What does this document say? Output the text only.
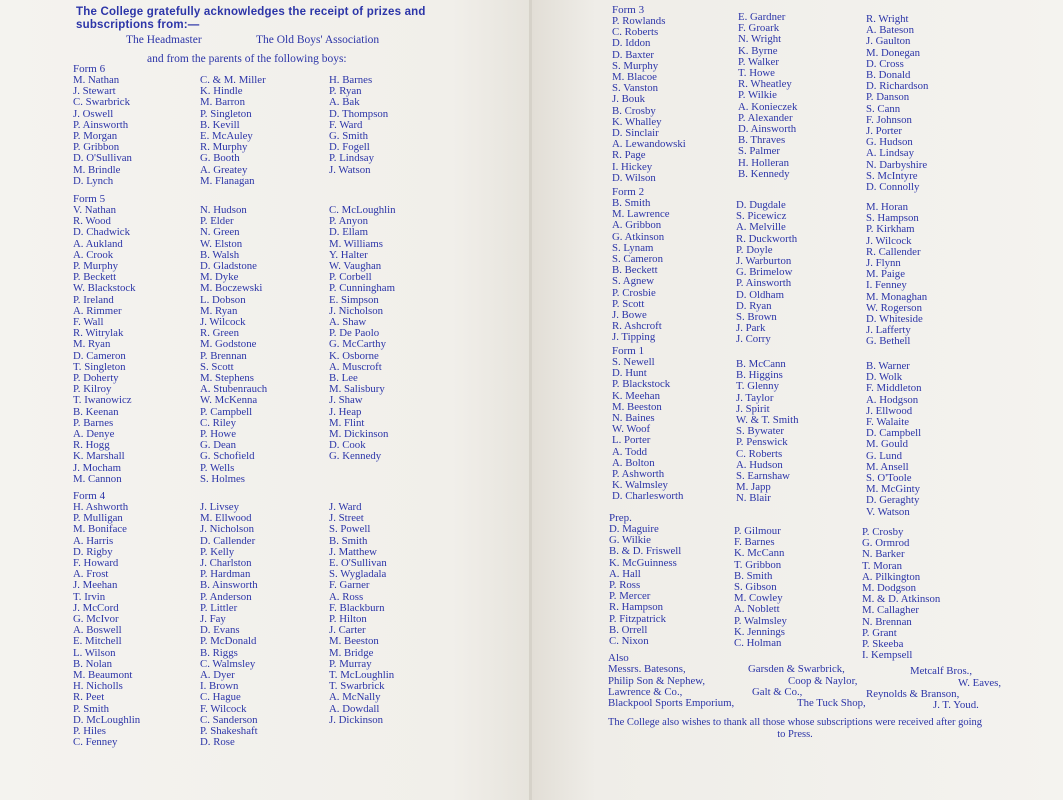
The College gratefully acknowledges the receipt of prizes and
subscriptions from:—
The Headmaster	The Old Boys' Association
and from the parents of the following boys:
Form 6
M. Nathan
J. Stewart
C. Swarbrick
J. Oswell
P. Ainsworth
P. Morgan
P. Gribbon
D. O'Sullivan
M. Brindle
D. Lynch
C. & M. Miller
K. Hindle
M. Barron
P. Singleton
B. Kevill
E. McAuley
R. Murphy
G. Booth
A. Greatey
M. Flanagan
H. Barnes
P. Ryan
A. Bak
D. Thompson
F. Ward
G. Smith
D. Fogell
P. Lindsay
J. Watson
Form 5
V. Nathan
R. Wood
D. Chadwick
A. Aukland
A. Crook
P. Murphy
P. Beckett
W. Blackstock
P. Ireland
A. Rimmer
F. Wall
R. Witrylak
M. Ryan
D. Cameron
T. Singleton
P. Doherty
P. Kilroy
T. Iwanowicz
B. Keenan
P. Barnes
A. Denye
R. Hogg
K. Marshall
J. Mocham
M. Cannon
N. Hudson
P. Elder
N. Green
W. Elston
B. Walsh
D. Gladstone
M. Dyke
M. Boczewski
L. Dobson
M. Ryan
J. Wilcock
R. Green
M. Godstone
P. Brennan
S. Scott
M. Stephens
A. Stubenrauch
W. McKenna
P. Campbell
C. Riley
P. Howe
G. Dean
G. Schofield
P. Wells
S. Holmes
C. McLoughlin
P. Anyon
D. Ellam
M. Williams
Y. Halter
W. Vaughan
P. Corbell
P. Cunningham
E. Simpson
J. Nicholson
A. Shaw
P. De Paolo
G. McCarthy
K. Osborne
A. Muscroft
B. Lee
M. Salisbury
J. Shaw
J. Heap
M. Flint
M. Dickinson
D. Cook
G. Kennedy
Form 4
H. Ashworth
P. Mulligan
M. Boniface
A. Harris
D. Rigby
F. Howard
A. Frost
J. Meehan
T. Irvin
J. McCord
G. McIvor
A. Boswell
E. Mitchell
L. Wilson
B. Nolan
M. Beaumont
H. Nicholls
R. Peet
P. Smith
D. McLoughlin
P. Hiles
C. Fenney
J. Livsey
M. Ellwood
J. Nicholson
D. Callender
P. Kelly
J. Charlston
P. Hardman
B. Ainsworth
P. Anderson
P. Littler
J. Fay
D. Evans
P. McDonald
B. Riggs
C. Walmsley
A. Dyer
I. Brown
C. Hague
F. Wilcock
C. Sanderson
P. Shakeshaft
D. Rose
J. Ward
J. Street
S. Powell
B. Smith
J. Matthew
E. O'Sullivan
S. Wygladala
F. Garner
A. Ross
F. Blackburn
P. Hilton
J. Carter
M. Beeston
M. Bridge
P. Murray
T. McLoughlin
T. Swarbrick
A. McNally
A. Dowdall
J. Dickinson
Form 3
P. Rowlands
C. Roberts
D. Iddon
D. Baxter
S. Murphy
M. Blacoe
S. Vanston
J. Bouk
B. Crosby
K. Whalley
D. Sinclair
A. Lewandowski
R. Page
I. Hickey
D. Wilson
E. Gardner
F. Groark
N. Wright
K. Byrne
P. Walker
T. Howe
R. Wheatley
P. Wilkie
A. Konieczek
P. Alexander
D. Ainsworth
B. Thraves
S. Palmer
H. Holleran
B. Kennedy
R. Wright
A. Bateson
J. Gaulton
M. Donegan
D. Cross
B. Donald
D. Richardson
P. Danson
S. Cann
F. Johnson
J. Porter
G. Hudson
A. Lindsay
N. Darbyshire
S. McIntyre
D. Connolly
Form 2
B. Smith
M. Lawrence
A. Gribbon
G. Atkinson
S. Lynam
S. Cameron
B. Beckett
S. Agnew
P. Crosbie
P. Scott
J. Bowe
R. Ashcroft
J. Tipping
D. Dugdale
S. Picewicz
A. Melville
R. Duckworth
P. Doyle
J. Warburton
G. Brimelow
P. Ainsworth
D. Oldham
D. Ryan
S. Brown
J. Park
J. Corry
M. Horan
S. Hampson
P. Kirkham
J. Wilcock
R. Callender
J. Flynn
M. Paige
I. Fenney
M. Monaghan
W. Rogerson
D. Whiteside
J. Lafferty
G. Bethell
Form 1
S. Newell
D. Hunt
P. Blackstock
K. Meehan
M. Beeston
N. Baines
W. Woof
L. Porter
A. Todd
A. Bolton
P. Ashworth
K. Walmsley
D. Charlesworth
B. McCann
B. Higgins
T. Glenny
J. Taylor
J. Spirit
W. & T. Smith
S. Bywater
P. Penswick
C. Roberts
A. Hudson
S. Earnshaw
M. Japp
N. Blair
B. Warner
D. Wolk
F. Middleton
A. Hodgson
J. Ellwood
F. Walaite
D. Campbell
M. Gould
G. Lund
M. Ansell
S. O'Toole
M. McGinty
D. Geraghty
V. Watson
Prep.
D. Maguire
G. Wilkie
B. & D. Friswell
K. McGuinness
A. Hall
P. Ross
P. Mercer
R. Hampson
P. Fitzpatrick
B. Orrell
C. Nixon
P. Gilmour
F. Barnes
K. McCann
T. Gribbon
B. Smith
S. Gibson
M. Cowley
A. Noblett
P. Walmsley
K. Jennings
C. Holman
P. Crosby
G. Ormrod
N. Barker
T. Moran
A. Pilkington
M. Dodgson
M. & D. Atkinson
M. Callagher
N. Brennan
P. Grant
P. Skeeba
I. Kempsell
Also
Messrs. Batesons,	Garsden & Swarbrick,	Metcalf Bros.,
Philip Son & Nephew,	Coop & Naylor,	W. Eaves,
Lawrence & Co.,	Galt & Co.,	Reynolds & Branson,
Blackpool Sports Emporium,	The Tuck Shop,	J. T. Youd.
The College also wishes to thank all those whose subscriptions were received after going to Press.
